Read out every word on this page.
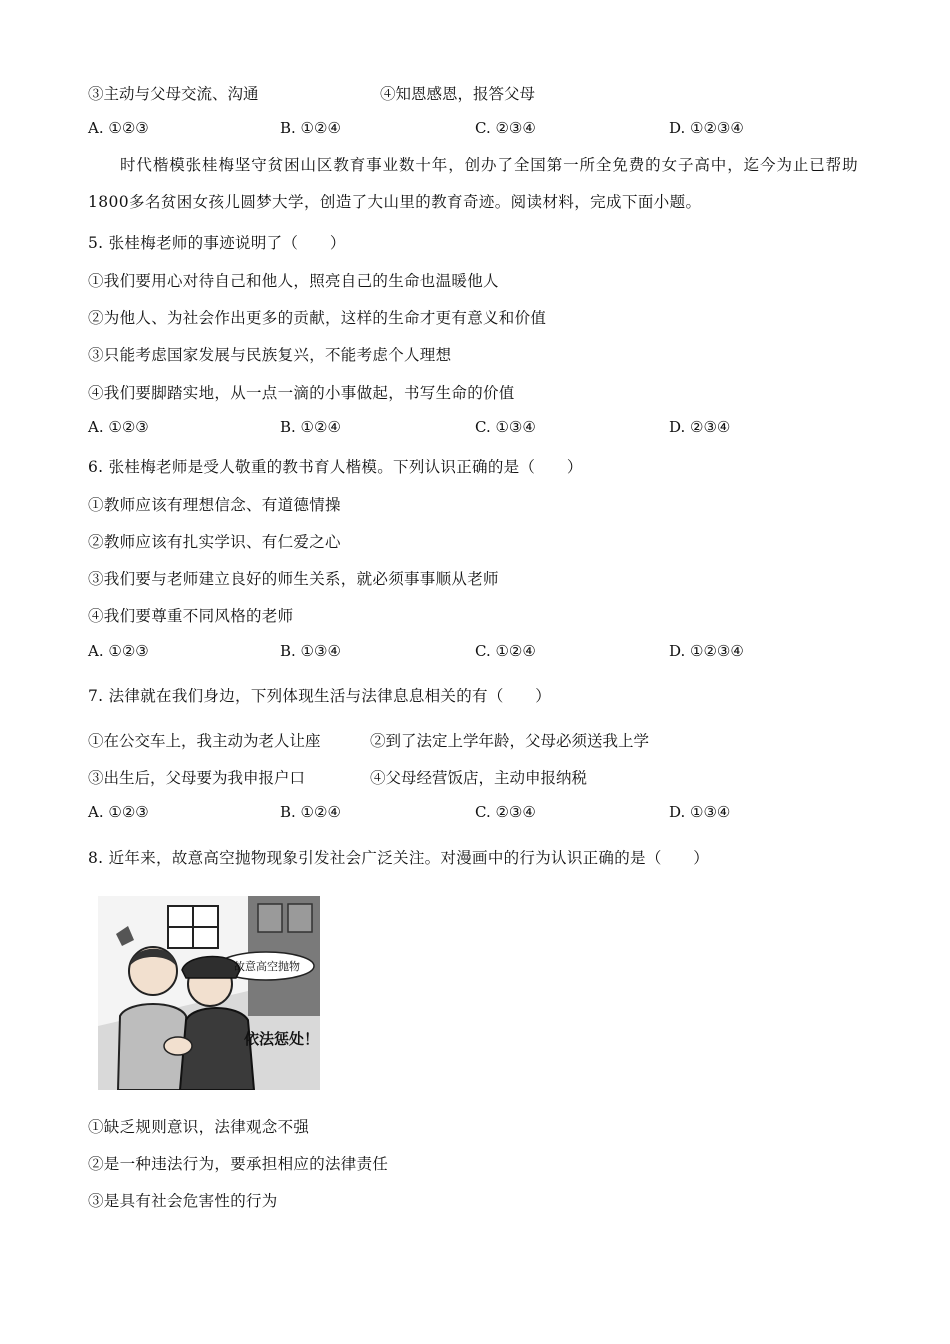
③主动与父母交流、沟通	④知恩感恩，报答父母
A. ①②③	B. ①②④	C. ②③④	D. ①②③④
时代楷模张桂梅坚守贫困山区教育事业数十年，创办了全国第一所全免费的女子高中，迄今为止已帮助1800多名贫困女孩儿圆梦大学，创造了大山里的教育奇迹。阅读材料，完成下面小题。
5. 张桂梅老师的事迹说明了（　　）
①我们要用心对待自己和他人，照亮自己的生命也温暖他人
②为他人、为社会作出更多的贡献，这样的生命才更有意义和价值
③只能考虑国家发展与民族复兴，不能考虑个人理想
④我们要脚踏实地，从一点一滴的小事做起，书写生命的价值
A. ①②③	B. ①②④	C. ①③④	D. ②③④
6. 张桂梅老师是受人敬重的教书育人楷模。下列认识正确的是（　　）
①教师应该有理想信念、有道德情操
②教师应该有扎实学识、有仁爱之心
③我们要与老师建立良好的师生关系，就必须事事顺从老师
④我们要尊重不同风格的老师
A. ①②③	B. ①③④	C. ①②④	D. ①②③④
7. 法律就在我们身边，下列体现生活与法律息息相关的有（　　）
①在公交车上，我主动为老人让座	②到了法定上学年龄，父母必须送我上学
③出生后，父母要为我申报户口	④父母经营饭店，主动申报纳税
A. ①②③	B. ①②④	C. ②③④	D. ①③④
8. 近年来，故意高空抛物现象引发社会广泛关注。对漫画中的行为认识正确的是（　　）
故意高空抛物
依法惩处！
①缺乏规则意识，法律观念不强
②是一种违法行为，要承担相应的法律责任
③是具有社会危害性的行为
